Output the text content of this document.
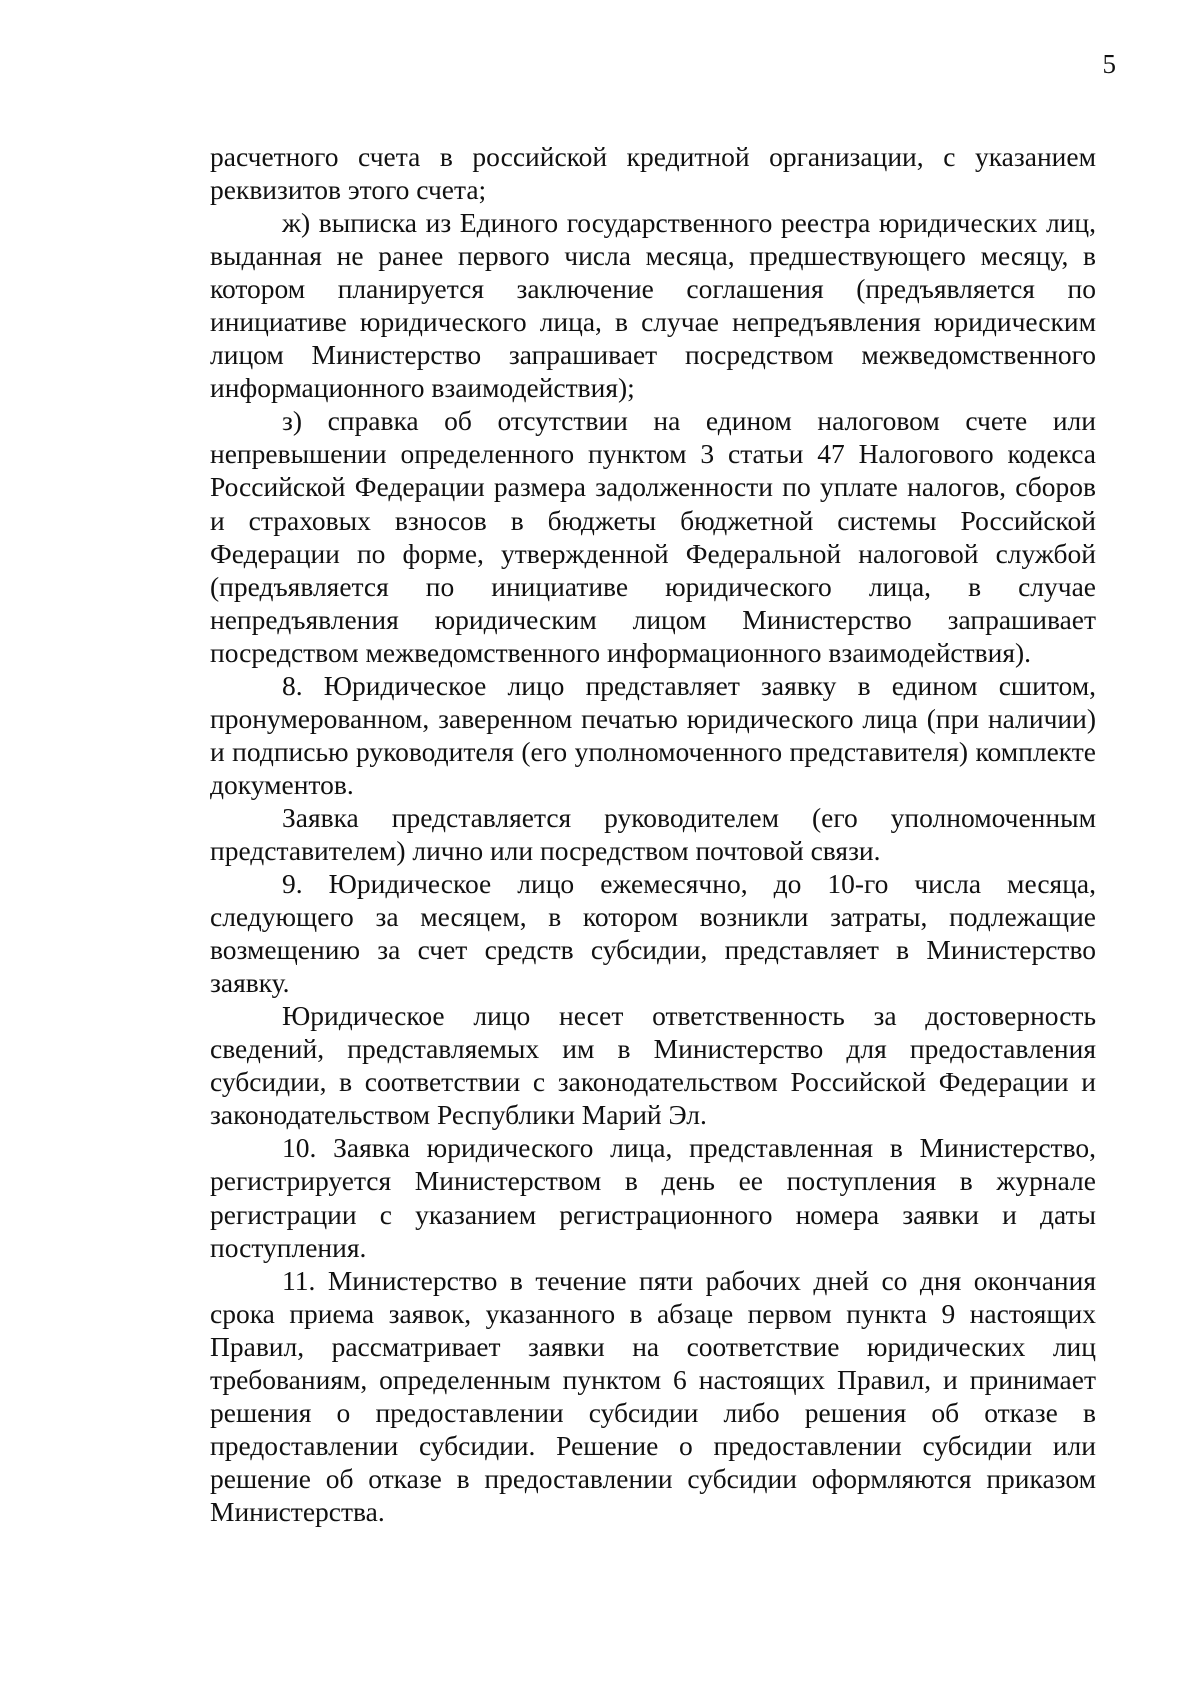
5

расчетного счета в российской кредитной организации, с указанием реквизитов этого счета;

ж) выписка из Единого государственного реестра юридических лиц, выданная не ранее первого числа месяца, предшествующего месяцу, в котором планируется заключение соглашения (предъявляется по инициативе юридического лица, в случае непредъявления юридическим лицом Министерство запрашивает посредством межведомственного информационного взаимодействия);

з) справка об отсутствии на едином налоговом счете или непревышении определенного пунктом 3 статьи 47 Налогового кодекса Российской Федерации размера задолженности по уплате налогов, сборов и страховых взносов в бюджеты бюджетной системы Российской Федерации по форме, утвержденной Федеральной налоговой службой (предъявляется по инициативе юридического лица, в случае непредъявления юридическим лицом Министерство запрашивает посредством межведомственного информационного взаимодействия).

8. Юридическое лицо представляет заявку в едином сшитом, пронумерованном, заверенном печатью юридического лица (при наличии) и подписью руководителя (его уполномоченного представителя) комплекте документов.

Заявка представляется руководителем (его уполномоченным представителем) лично или посредством почтовой связи.

9. Юридическое лицо ежемесячно, до 10-го числа месяца, следующего за месяцем, в котором возникли затраты, подлежащие возмещению за счет средств субсидии, представляет в Министерство заявку.

Юридическое лицо несет ответственность за достоверность сведений, представляемых им в Министерство для предоставления субсидии, в соответствии с законодательством Российской Федерации и законодательством Республики Марий Эл.

10. Заявка юридического лица, представленная в Министерство, регистрируется Министерством в день ее поступления в журнале регистрации с указанием регистрационного номера заявки и даты поступления.

11. Министерство в течение пяти рабочих дней со дня окончания срока приема заявок, указанного в абзаце первом пункта 9 настоящих Правил, рассматривает заявки на соответствие юридических лиц требованиям, определенным пунктом 6 настоящих Правил, и принимает решения о предоставлении субсидии либо решения об отказе в предоставлении субсидии. Решение о предоставлении субсидии или решение об отказе в предоставлении субсидии оформляются приказом Министерства.
